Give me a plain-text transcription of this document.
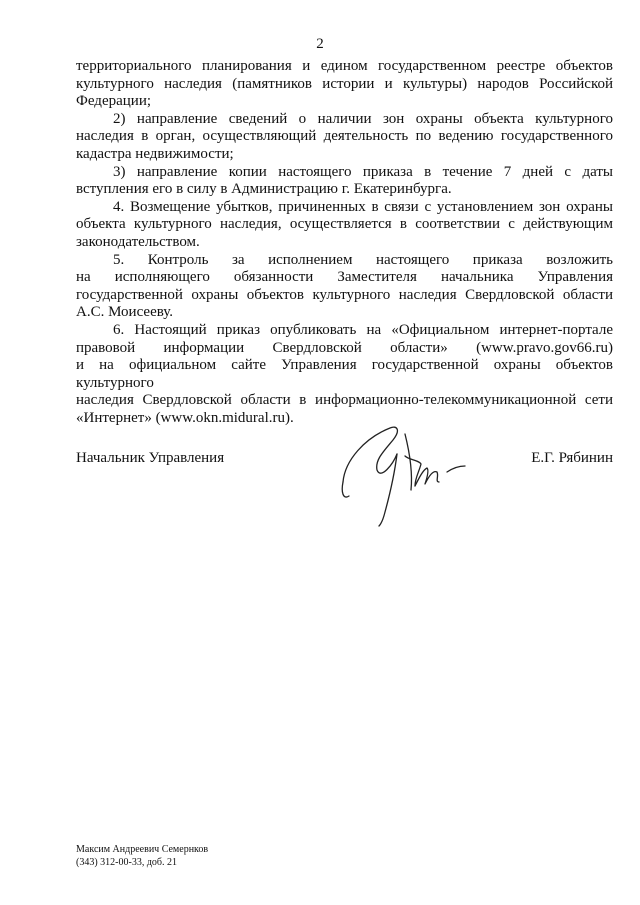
2
территориального планирования и едином государственном реестре объектов
культурного наследия (памятников истории и культуры) народов Российской
Федерации;
2) направление сведений о наличии зон охраны объекта культурного
наследия в орган, осуществляющий деятельность по ведению государственного
кадастра недвижимости;
3) направление копии настоящего приказа в течение 7 дней с даты
вступления его в силу в Администрацию г. Екатеринбурга.
4. Возмещение убытков, причиненных в связи с установлением зон охраны
объекта культурного наследия, осуществляется в соответствии с действующим
законодательством.
5. Контроль за исполнением настоящего приказа возложить
на исполняющего обязанности Заместителя начальника Управления
государственной охраны объектов культурного наследия Свердловской области
А.С. Моисееву.
6. Настоящий приказ опубликовать на «Официальном интернет-портале
правовой информации Свердловской области» (www.pravo.gov66.ru)
и на официальном сайте Управления государственной охраны объектов культурного
наследия Свердловской области в информационно-телекоммуникационной сети
«Интернет» (www.okn.midural.ru).
Начальник Управления	Е.Г. Рябинин
Максим Андреевич Семернков
(343) 312-00-33, доб. 21
